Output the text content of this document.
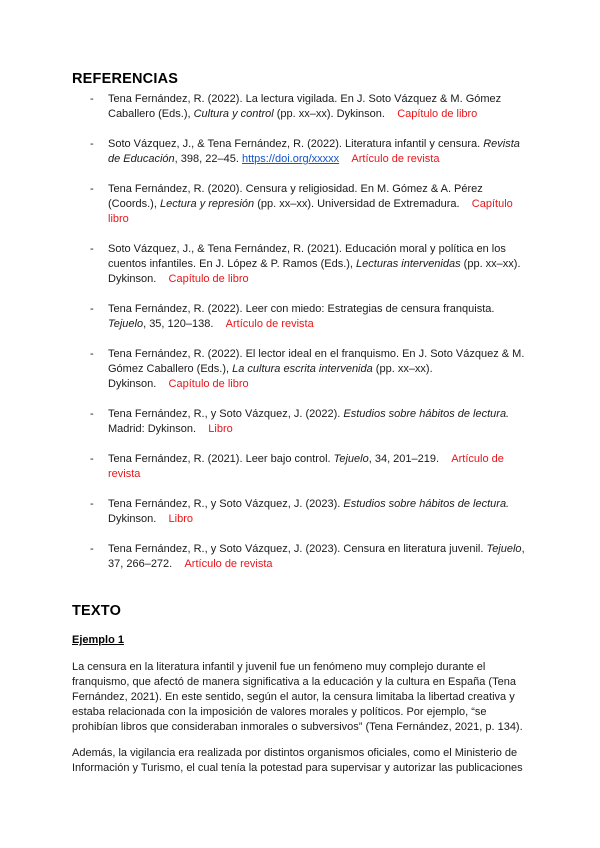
REFERENCIAS
- Tena Fernández, R. (2022). La lectura vigilada. En J. Soto Vázquez & M. Gómez Caballero (Eds.), Cultura y control (pp. xx–xx). Dykinson. Capítulo de libro
- Soto Vázquez, J., & Tena Fernández, R. (2022). Literatura infantil y censura. Revista de Educación, 398, 22–45. https://doi.org/xxxxx Artículo de revista
- Tena Fernández, R. (2020). Censura y religiosidad. En M. Gómez & A. Pérez (Coords.), Lectura y represión (pp. xx–xx). Universidad de Extremadura. Capítulo libro
- Soto Vázquez, J., & Tena Fernández, R. (2021). Educación moral y política en los cuentos infantiles. En J. López & P. Ramos (Eds.), Lecturas intervenidas (pp. xx–xx). Dykinson. Capítulo de libro
- Tena Fernández, R. (2022). Leer con miedo: Estrategias de censura franquista. Tejuelo, 35, 120–138. Artículo de revista
- Tena Fernández, R. (2022). El lector ideal en el franquismo. En J. Soto Vázquez & M. Gómez Caballero (Eds.), La cultura escrita intervenida (pp. xx–xx). Dykinson. Capítulo de libro
- Tena Fernández, R., y Soto Vázquez, J. (2022). Estudios sobre hábitos de lectura. Madrid: Dykinson. Libro
- Tena Fernández, R. (2021). Leer bajo control. Tejuelo, 34, 201–219. Artículo de revista
- Tena Fernández, R., y Soto Vázquez, J. (2023). Estudios sobre hábitos de lectura. Dykinson. Libro
- Tena Fernández, R., y Soto Vázquez, J. (2023). Censura en literatura juvenil. Tejuelo, 37, 266–272. Artículo de revista
TEXTO
Ejemplo 1

La censura en la literatura infantil y juvenil fue un fenómeno muy complejo durante el franquismo, que afectó de manera significativa a la educación y la cultura en España (Tena Fernández, 2021). En este sentido, según el autor, la censura limitaba la libertad creativa y estaba relacionada con la imposición de valores morales y políticos. Por ejemplo, “se prohibían libros que consideraban inmorales o subversivos” (Tena Fernández, 2021, p. 134).

Además, la vigilancia era realizada por distintos organismos oficiales, como el Ministerio de Información y Turismo, el cual tenía la potestad para supervisar y autorizar las publicaciones
